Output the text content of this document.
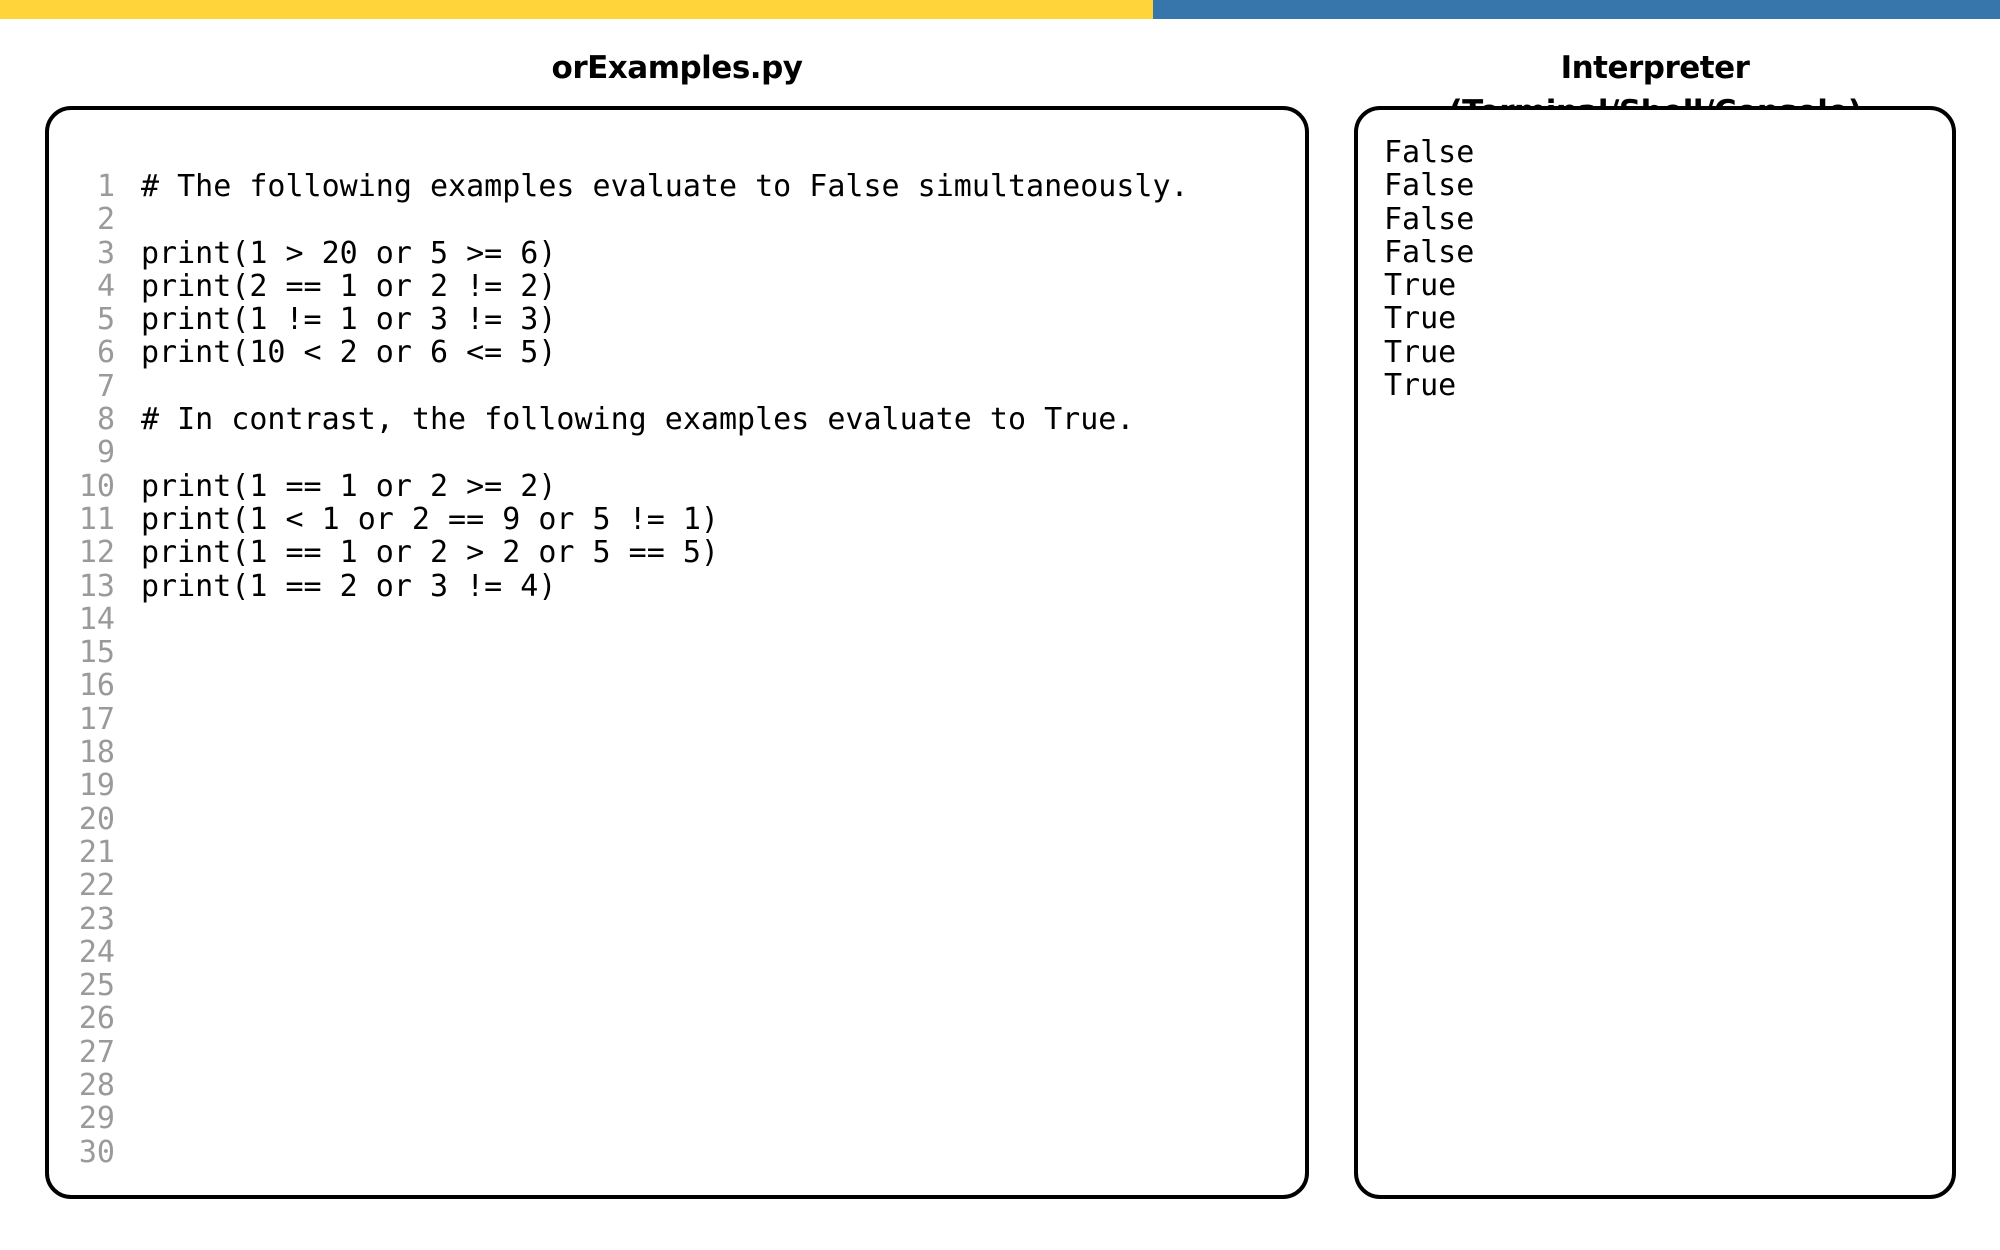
orExamples.py	Interpreter
1 # The following examples evaluate to False simultaneously.
2
3 print(1 > 20 or 5 >= 6)
4 print(2 == 1 or 2 != 2)
5 print(1 != 1 or 3 != 3)
6 print(10 < 2 or 6 <= 5)
7
8 # In contrast, the following examples evaluate to True.
9
10 print(1 == 1 or 2 >= 2)
11 print(1 < 1 or 2 == 9 or 5 != 1)
12 print(1 == 1 or 2 > 2 or 5 == 5)
13 print(1 == 2 or 3 != 4)
14
15
16
17
18
19
20
21
22
23
24
25
26
27
28
29
30
False
False
False
False
True
True
True
True
